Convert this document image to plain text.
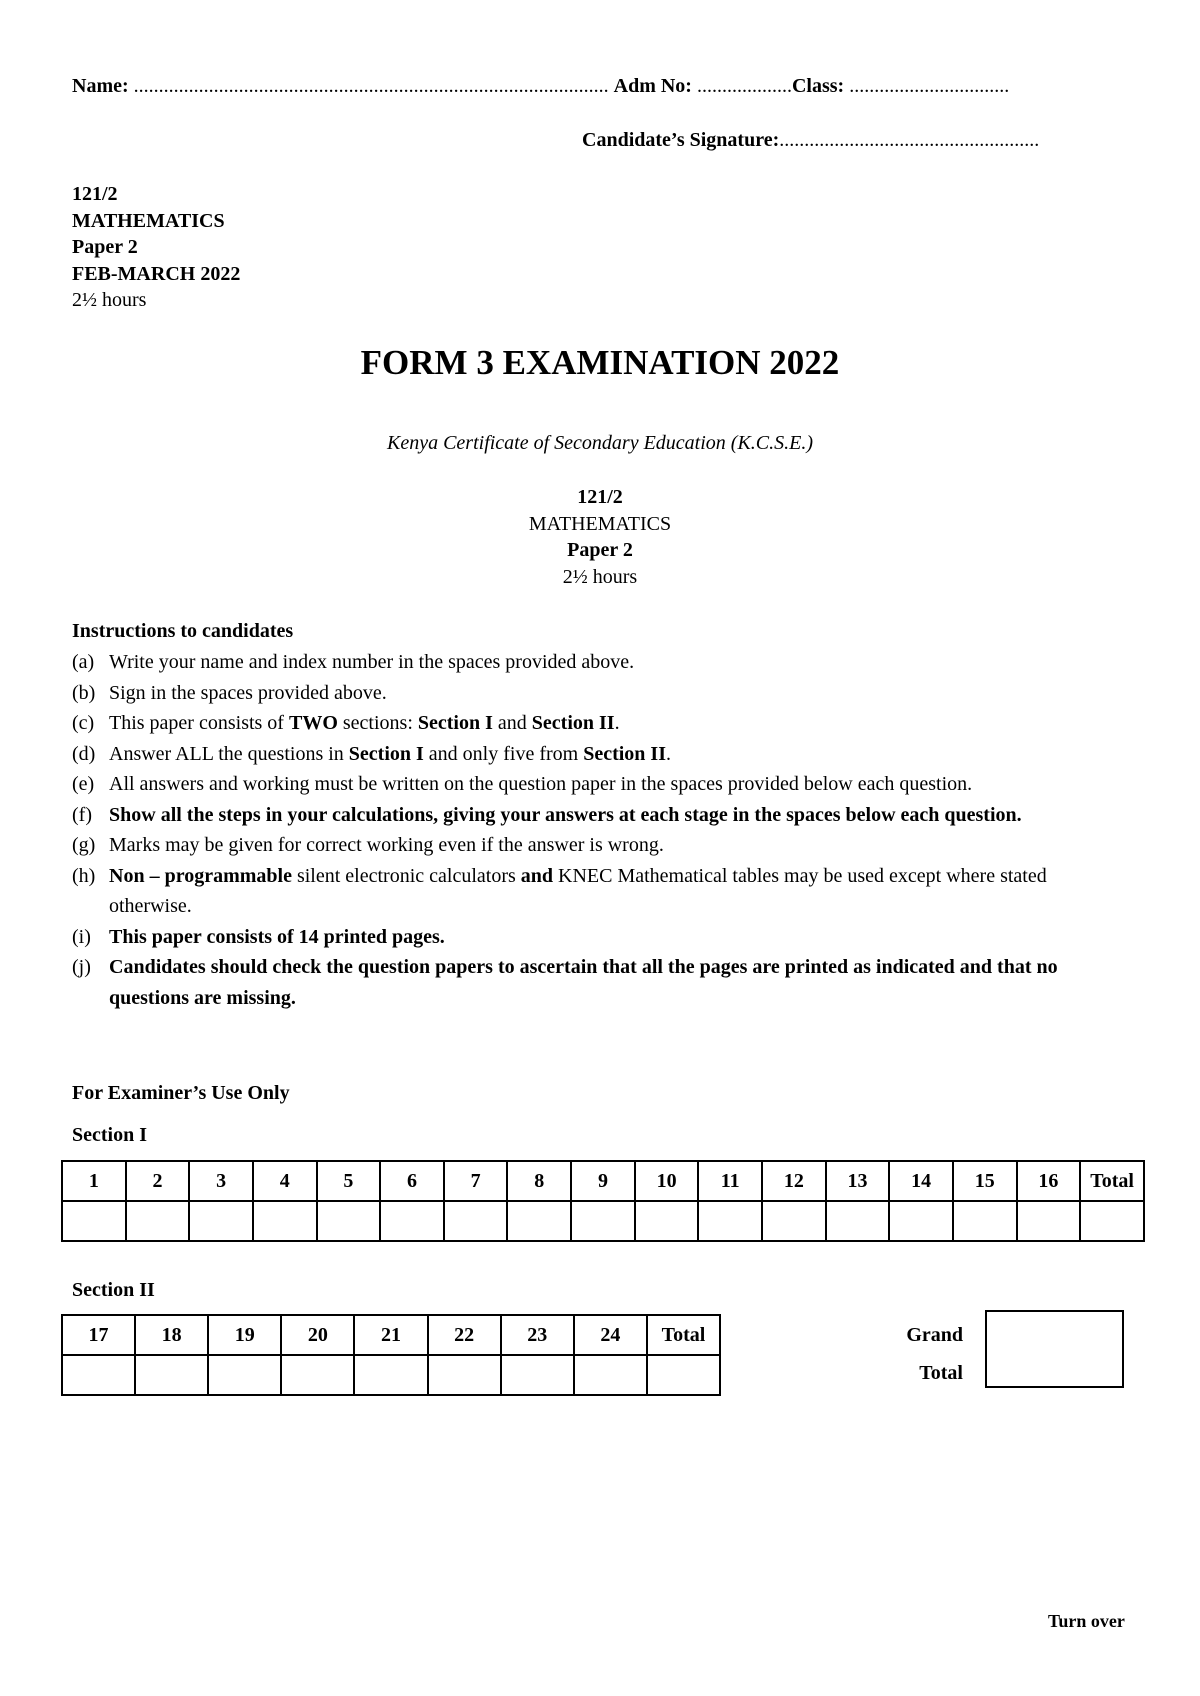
Name: ............................................................................................... Adm No: ...................Class: ................................
Candidate’s Signature:....................................................
121/2
MATHEMATICS
Paper 2
FEB-MARCH 2022
2½ hours
FORM 3 EXAMINATION 2022
Kenya Certificate of Secondary Education (K.C.S.E.)
121/2
MATHEMATICS
Paper 2
2½ hours
Instructions to candidates
(a) Write your name and index number in the spaces provided above.
(b) Sign in the spaces provided above.
(c) This paper consists of TWO sections: Section I and Section II.
(d) Answer ALL the questions in Section I and only five from Section II.
(e) All answers and working must be written on the question paper in the spaces provided below each question.
(f) Show all the steps in your calculations, giving your answers at each stage in the spaces below each question.
(g) Marks may be given for correct working even if the answer is wrong.
(h) Non – programmable silent electronic calculators and KNEC Mathematical tables may be used except where stated otherwise.
(i) This paper consists of 14 printed pages.
(j) Candidates should check the question papers to ascertain that all the pages are printed as indicated and that no questions are missing.
For Examiner’s Use Only
Section I
1	2	3	4	5	6	7	8	9	10	11	12	13	14	15	16	Total

Section II
17	18	19	20	21	22	23	24	Total
									Grand
Total
Turn over
